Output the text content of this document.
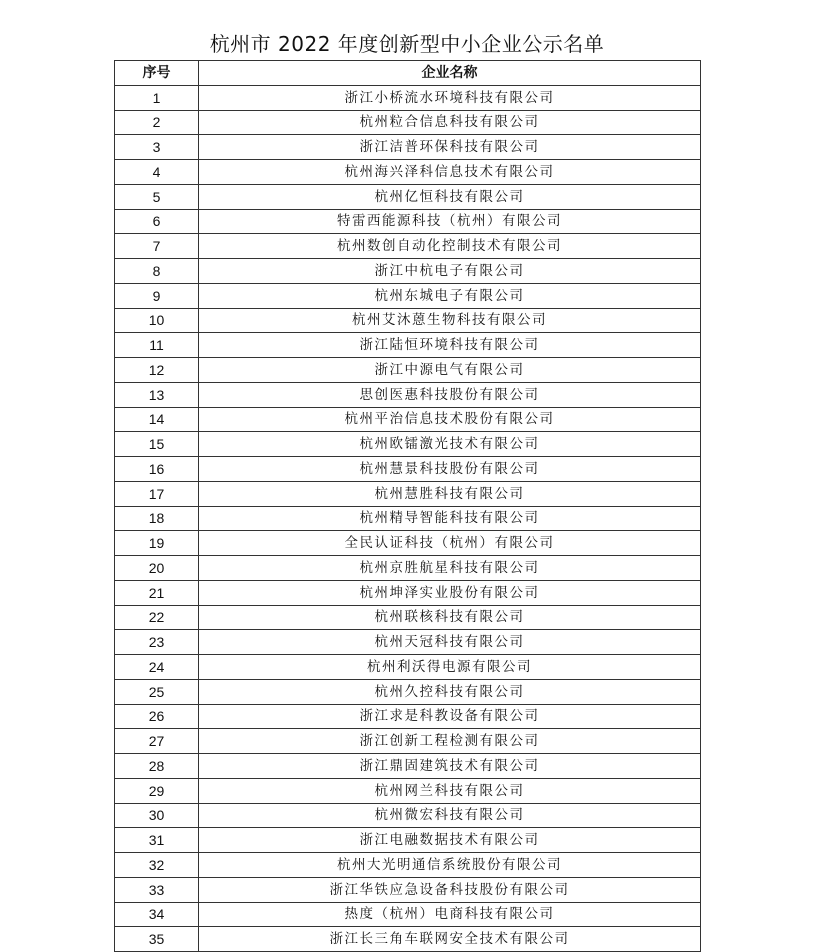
杭州市 2022 年度创新型中小企业公示名单
序号	企业名称
1	浙江小桥流水环境科技有限公司
2	杭州粒合信息科技有限公司
3	浙江洁普环保科技有限公司
4	杭州海兴泽科信息技术有限公司
5	杭州亿恒科技有限公司
6	特雷西能源科技（杭州）有限公司
7	杭州数创自动化控制技术有限公司
8	浙江中杭电子有限公司
9	杭州东城电子有限公司
10	杭州艾沐蒽生物科技有限公司
11	浙江陆恒环境科技有限公司
12	浙江中源电气有限公司
13	思创医惠科技股份有限公司
14	杭州平治信息技术股份有限公司
15	杭州欧镭激光技术有限公司
16	杭州慧景科技股份有限公司
17	杭州慧胜科技有限公司
18	杭州精导智能科技有限公司
19	全民认证科技（杭州）有限公司
20	杭州京胜航星科技有限公司
21	杭州坤泽实业股份有限公司
22	杭州联核科技有限公司
23	杭州天冠科技有限公司
24	杭州利沃得电源有限公司
25	杭州久控科技有限公司
26	浙江求是科教设备有限公司
27	浙江创新工程检测有限公司
28	浙江鼎固建筑技术有限公司
29	杭州网兰科技有限公司
30	杭州微宏科技有限公司
31	浙江电融数据技术有限公司
32	杭州大光明通信系统股份有限公司
33	浙江华铁应急设备科技股份有限公司
34	热度（杭州）电商科技有限公司
35	浙江长三角车联网安全技术有限公司
